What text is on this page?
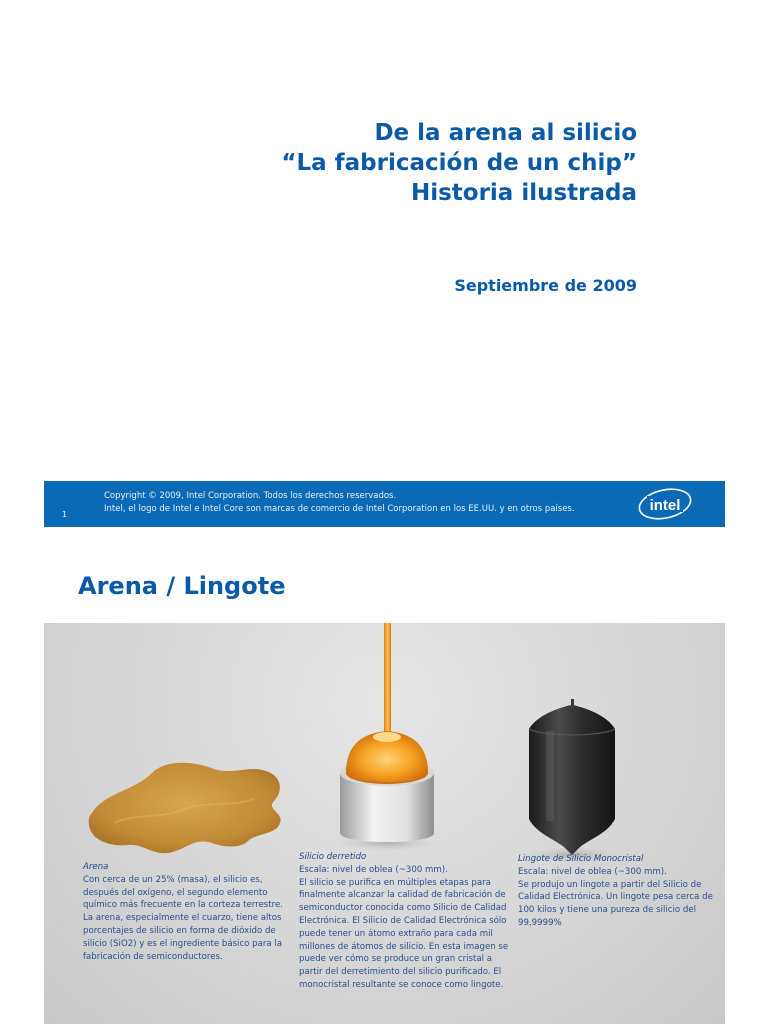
De la arena al silicio
“La fabricación de un chip”
Historia ilustrada
Septiembre de 2009
Copyright © 2009, Intel Corporation. Todos los derechos reservados.
Intel, el logo de Intel e Intel Core son marcas de comercio de Intel Corporation en los EE.UU. y en otros países.
1
intel
Arena / Lingote
Arena
Con cerca de un 25% (masa), el silicio es, después del oxígeno, el segundo elemento químico más frecuente en la corteza terrestre. La arena, especialmente el cuarzo, tiene altos porcentajes de silicio en forma de dióxido de silicio (SiO2) y es el ingrediente básico para la fabricación de semiconductores.
Silicio derretido
Escala: nivel de oblea (~300 mm).
El silicio se purifica en múltiples etapas para finalmente alcanzar la calidad de fabricación de semiconductor conocida como Silicio de Calidad Electrónica. El Silicio de Calidad Electrónica sólo puede tener un átomo extraño para cada mil millones de átomos de silicio. En esta imagen se puede ver cómo se produce un gran cristal a partir del derretimiento del silicio purificado. El monocristal resultante se conoce como lingote.
Lingote de Silicio Monocristal
Escala: nivel de oblea (~300 mm).
Se produjo un lingote a partir del Silicio de Calidad Electrónica. Un lingote pesa cerca de 100 kilos y tiene una pureza de silicio del 99,9999%
